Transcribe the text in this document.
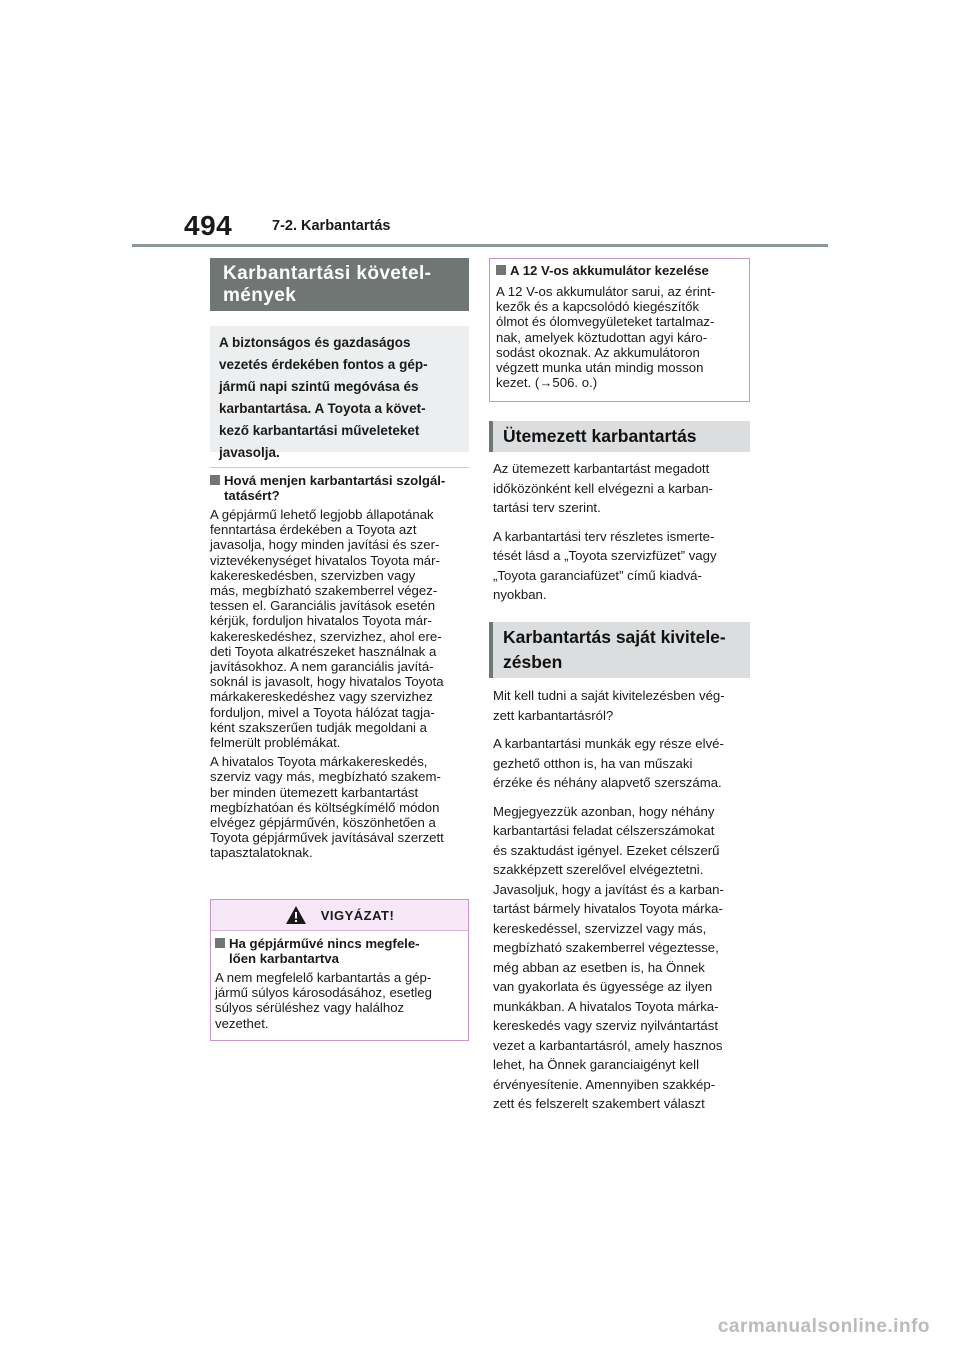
494	7-2. Karbantartás
Karbantartási követel-
mények
A biztonságos és gazdaságos
vezetés érdekében fontos a gép-
jármű napi szintű megóvása és
karbantartása. A Toyota a követ-
kező karbantartási műveleteket
javasolja.
Hová menjen karbantartási szolgál-
tatásért?
A gépjármű lehető legjobb állapotának
fenntartása érdekében a Toyota azt
javasolja, hogy minden javítási és szer-
viztevékenységet hivatalos Toyota már-
kakereskedésben, szervizben vagy
más, megbízható szakemberrel végez-
tessen el. Garanciális javítások esetén
kérjük, forduljon hivatalos Toyota már-
kakereskedéshez, szervizhez, ahol ere-
deti Toyota alkatrészeket használnak a
javításokhoz. A nem garanciális javítá-
soknál is javasolt, hogy hivatalos Toyota
márkakereskedéshez vagy szervizhez
forduljon, mivel a Toyota hálózat tagja-
ként szakszerűen tudják megoldani a
felmerült problémákat.
A hivatalos Toyota márkakereskedés,
szerviz vagy más, megbízható szakem-
ber minden ütemezett karbantartást
megbízhatóan és költségkímélő módon
elvégez gépjárművén, köszönhetően a
Toyota gépjárművek javításával szerzett
tapasztalatoknak.
VIGYÁZAT!
Ha gépjárművé nincs megfele-
lően karbantartva
A nem megfelelő karbantartás a gép-
jármű súlyos károsodásához, esetleg
súlyos sérüléshez vagy halálhoz
vezethet.
A 12 V-os akkumulátor kezelése
A 12 V-os akkumulátor sarui, az érint-
kezők és a kapcsolódó kiegészítők
ólmot és ólomvegyületeket tartalmaz-
nak, amelyek köztudottan agyi káro-
sodást okoznak. Az akkumulátoron
végzett munka után mindig mosson
kezet. (→506. o.)
Ütemezett karbantartás
Az ütemezett karbantartást megadott
időközönként kell elvégezni a karban-
tartási terv szerint.
A karbantartási terv részletes ismerte-
tését lásd a „Toyota szervizfüzet” vagy
„Toyota garanciafüzet” című kiadvá-
nyokban.
Karbantartás saját kivitele-
zésben
Mit kell tudni a saját kivitelezésben vég-
zett karbantartásról?
A karbantartási munkák egy része elvé-
gezhető otthon is, ha van műszaki
érzéke és néhány alapvető szerszáma.
Megjegyezzük azonban, hogy néhány
karbantartási feladat célszerszámokat
és szaktudást igényel. Ezeket célszerű
szakképzett szerelővel elvégeztetni.
Javasoljuk, hogy a javítást és a karban-
tartást bármely hivatalos Toyota márka-
kereskedéssel, szervizzel vagy más,
megbízható szakemberrel végeztesse,
még abban az esetben is, ha Önnek
van gyakorlata és ügyessége az ilyen
munkákban. A hivatalos Toyota márka-
kereskedés vagy szerviz nyilvántartást
vezet a karbantartásról, amely hasznos
lehet, ha Önnek garanciaigényt kell
érvényesítenie. Amennyiben szakkép-
zett és felszerelt szakembert választ
carmanualsonline.info
